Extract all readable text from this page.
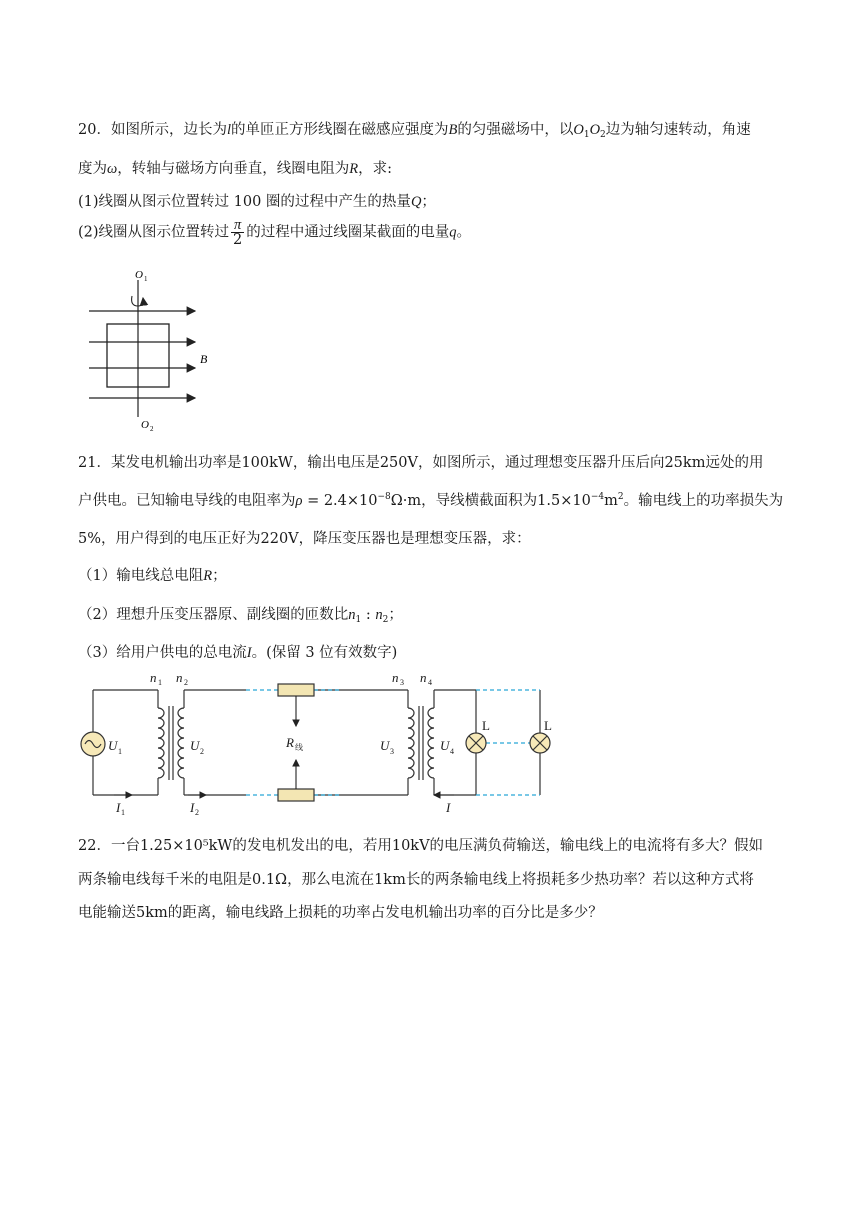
20．如图所示，边长为l的单匝正方形线圈在磁感应强度为B的匀强磁场中，以$O_1O_2$边为轴匀速转动，角速
度为ω，转轴与磁场方向垂直，线圈电阻为R，求:
(1)线圈从图示位置转过 100 圈的过程中产生的热量Q；
(2)线圈从图示位置转过 $\frac{\pi}{2}$ 的过程中通过线圈某截面的电量q。
O 1
B
O 2
21．某发电机输出功率是100kW，输出电压是250V，如图所示，通过理想变压器升压后向25km远处的用
户供电。已知输电导线的电阻率为$\rho = 2.4\times 10^{-8}\Omega\cdot m$，导线横截面积为$1.5\times 10^{-4}m^2$。输电线上的功率损失为
5%，用户得到的电压正好为220V，降压变压器也是理想变压器，求：
（1）输电线总电阻R；
（2）理想升压变压器原、副线圈的匝数比$n_1$ : $n_2$；
（3）给用户供电的总电流I。(保留 3 位有效数字)
n 1 n 2	n 3 n 4
U 1	U 2	U 3	U 4
R 线
I 1	I 2	I
L	L
22．一台1.25×10⁵kW的发电机发出的电，若用10kV的电压满负荷输送，输电线上的电流将有多大？假如
两条输电线每千米的电阻是0.1Ω，那么电流在1km长的两条输电线上将损耗多少热功率？若以这种方式将
电能输送5km的距离，输电线路上损耗的功率占发电机输出功率的百分比是多少？
